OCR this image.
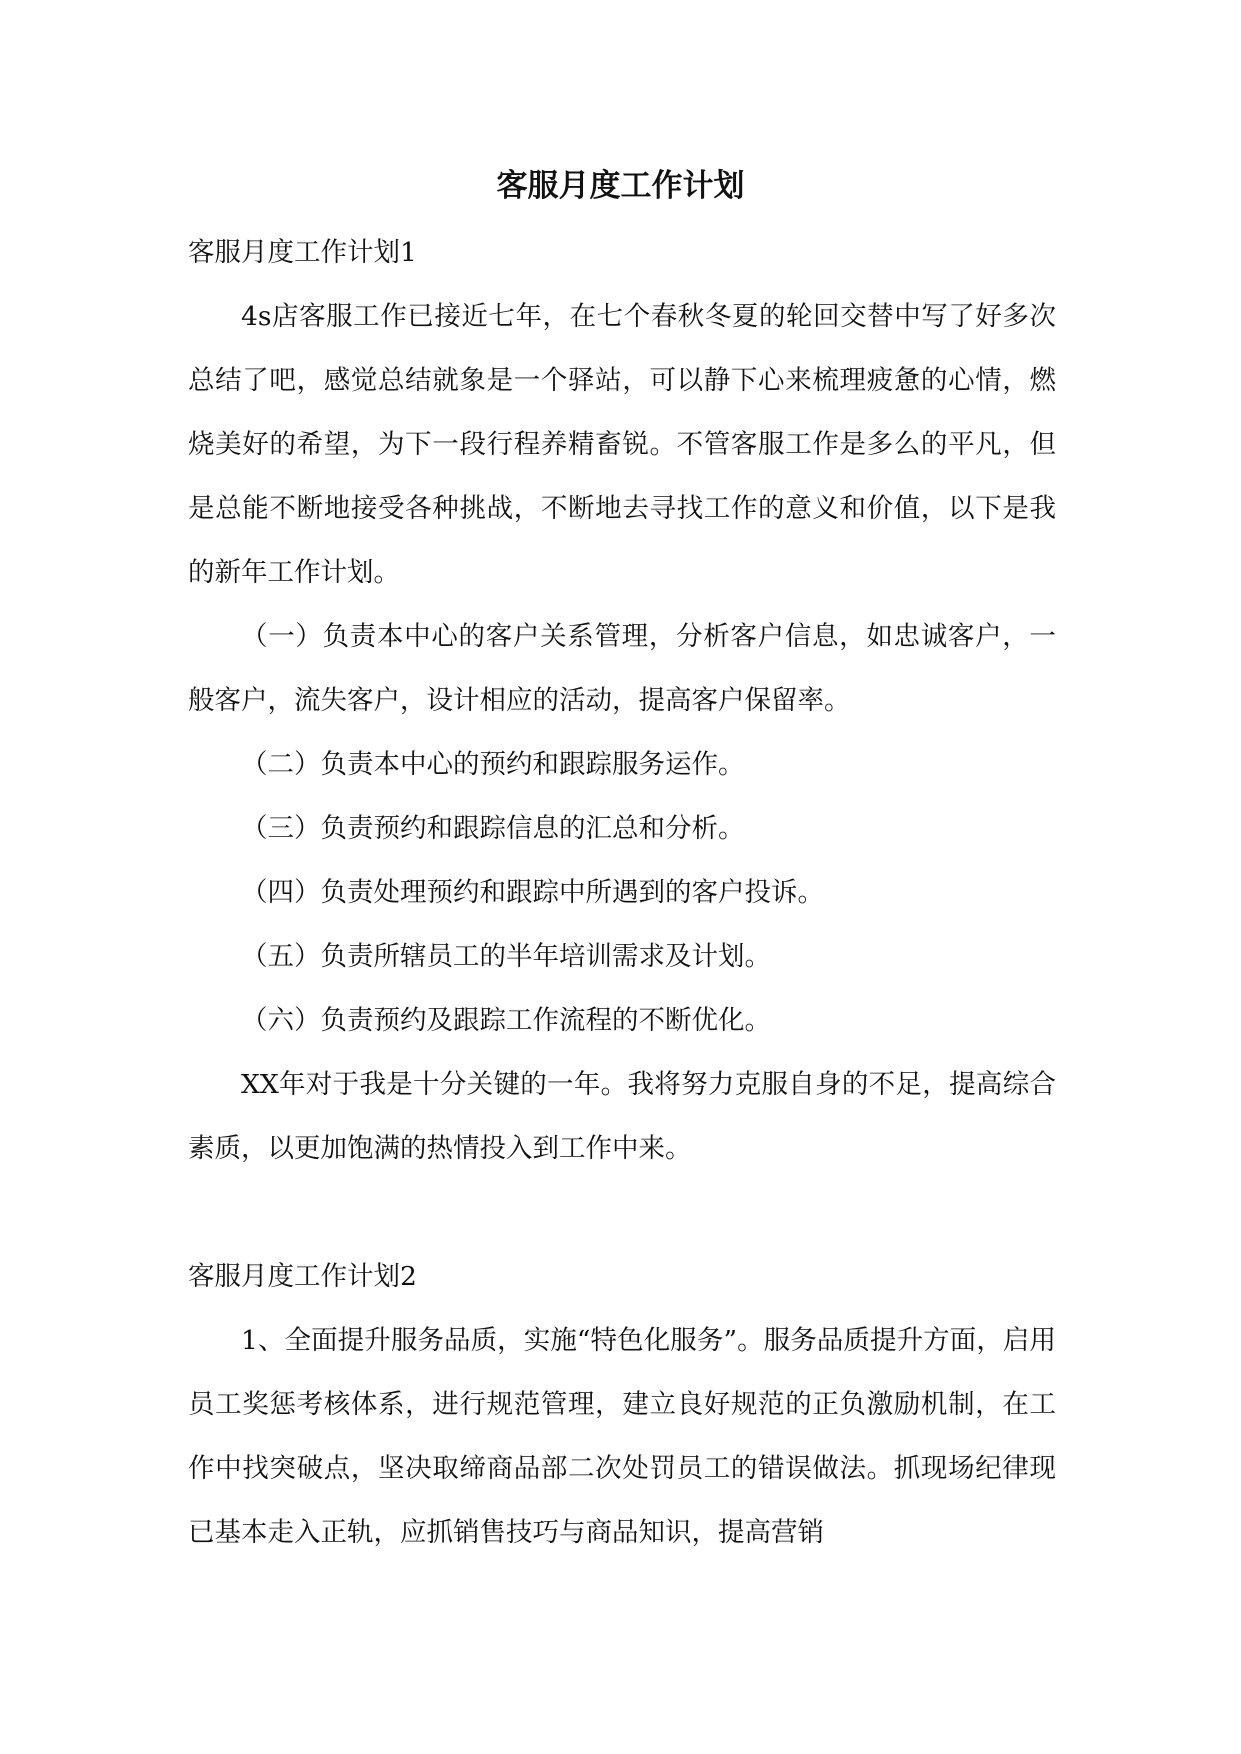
客服月度工作计划

客服月度工作计划1

4s店客服工作已接近七年，在七个春秋冬夏的轮回交替中写了好多次总结了吧，感觉总结就象是一个驿站，可以静下心来梳理疲惫的心情，燃烧美好的希望，为下一段行程养精畜锐。不管客服工作是多么的平凡，但是总能不断地接受各种挑战，不断地去寻找工作的意义和价值，以下是我的新年工作计划。

（一）负责本中心的客户关系管理，分析客户信息，如忠诚客户，一般客户，流失客户，设计相应的活动，提高客户保留率。

（二）负责本中心的预约和跟踪服务运作。

（三）负责预约和跟踪信息的汇总和分析。

（四）负责处理预约和跟踪中所遇到的客户投诉。

（五）负责所辖员工的半年培训需求及计划。

（六）负责预约及跟踪工作流程的不断优化。

XX年对于我是十分关键的一年。我将努力克服自身的不足，提高综合素质，以更加饱满的热情投入到工作中来。

客服月度工作计划2

1、全面提升服务品质，实施“特色化服务”。服务品质提升方面，启用员工奖惩考核体系，进行规范管理，建立良好规范的正负激励机制，在工作中找突破点，坚决取缔商品部二次处罚员工的错误做法。抓现场纪律现已基本走入正轨，应抓销售技巧与商品知识，提高营销
